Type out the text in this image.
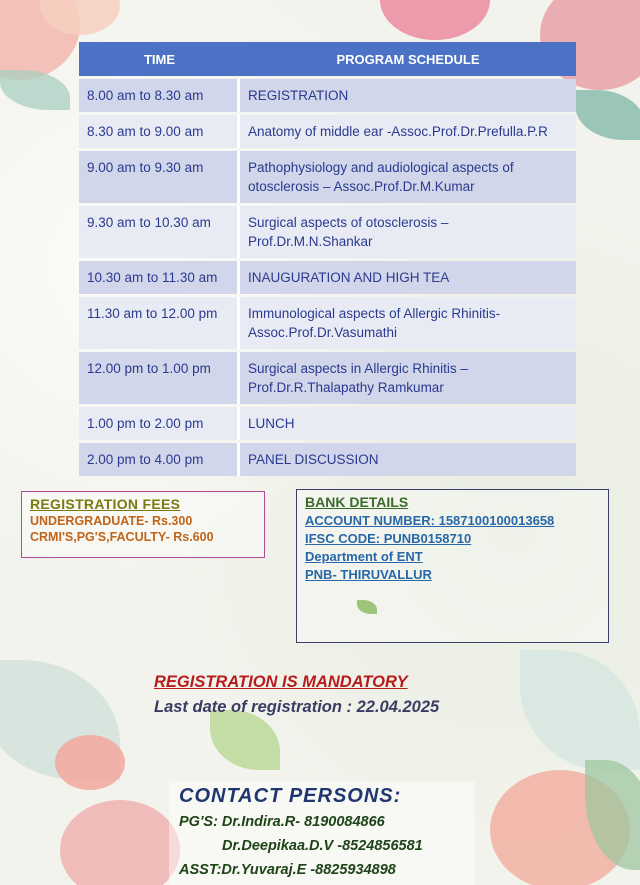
TIME	PROGRAM SCHEDULE
8.00 am to 8.30 am	REGISTRATION
8.30 am to 9.00 am	Anatomy of middle ear -Assoc.Prof.Dr.Prefulla.P.R
9.00 am to 9.30 am	Pathophysiology and audiological aspects of otosclerosis – Assoc.Prof.Dr.M.Kumar
9.30 am to 10.30 am	Surgical aspects of otosclerosis – Prof.Dr.M.N.Shankar
10.30 am to 11.30 am	INAUGURATION AND HIGH TEA
11.30 am to 12.00 pm	Immunological aspects of Allergic Rhinitis- Assoc.Prof.Dr.Vasumathi
12.00 pm to 1.00 pm	Surgical aspects in Allergic Rhinitis – Prof.Dr.R.Thalapathy Ramkumar
1.00 pm to 2.00 pm	LUNCH
2.00 pm to 4.00 pm	PANEL DISCUSSION
REGISTRATION FEES
UNDERGRADUATE- Rs.300
CRMI'S,PG'S,FACULTY- Rs.600
BANK DETAILS
ACCOUNT NUMBER: 1587100100013658
IFSC CODE: PUNB0158710
Department of ENT
PNB- THIRUVALLUR
REGISTRATION IS MANDATORY
Last date of registration : 22.04.2025
CONTACT PERSONS:
PG'S: Dr.Indira.R- 8190084866
Dr.Deepikaa.D.V -8524856581
ASST:Dr.Yuvaraj.E -8825934898
